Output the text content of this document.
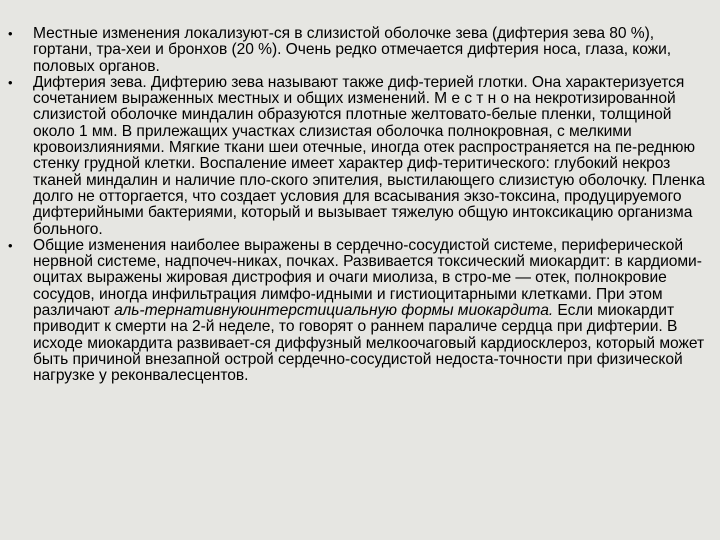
• Местные изменения локализуют-ся в слизистой оболочке зева (дифтерия зева 80 %), гортани, тра-хеи и бронхов (20 %). Очень редко отмечается дифтерия носа, глаза, кожи, половых органов.
• Дифтерия зева. Дифтерию зева называют также диф-терией глотки. Она характеризуется сочетанием выраженных местных и общих изменений. М е с т н о на некротизированной слизистой оболочке миндалин образуются плотные желтовато-белые пленки, толщиной около 1 мм. В прилежащих участках слизистая оболочка полнокровная, с мелкими кровоизлияниями. Мягкие ткани шеи отечные, иногда отек распространяется на пе-реднюю стенку грудной клетки. Воспаление имеет характер диф-теритического: глубокий некроз тканей миндалин и наличие пло-ского эпителия, выстилающего слизистую оболочку. Пленка долго не отторгается, что создает условия для всасывания экзо-токсина, продуцируемого дифтерийными бактериями, который и вызывает тяжелую общую интоксикацию организма больного.
• Общие изменения наиболее выражены в сердечно-сосудистой системе, периферической нервной системе, надпочеч-никах, почках. Развивается токсический миокардит: в кардиоми-оцитах выражены жировая дистрофия и очаги миолиза, в стро-ме — отек, полнокровие сосудов, иногда инфильтрация лимфо-идными и гистиоцитарными клетками. При этом различают аль-тернативнуюинтерстициальную формы миокардита. Если миокардит приводит к смерти на 2-й неделе, то говорят о раннем параличе сердца при дифтерии. В исходе миокардита развивает-ся диффузный мелкоочаговый кардиосклероз, который может быть причиной внезапной острой сердечно-сосудистой недоста-точности при физической нагрузке у реконвалесцентов.
